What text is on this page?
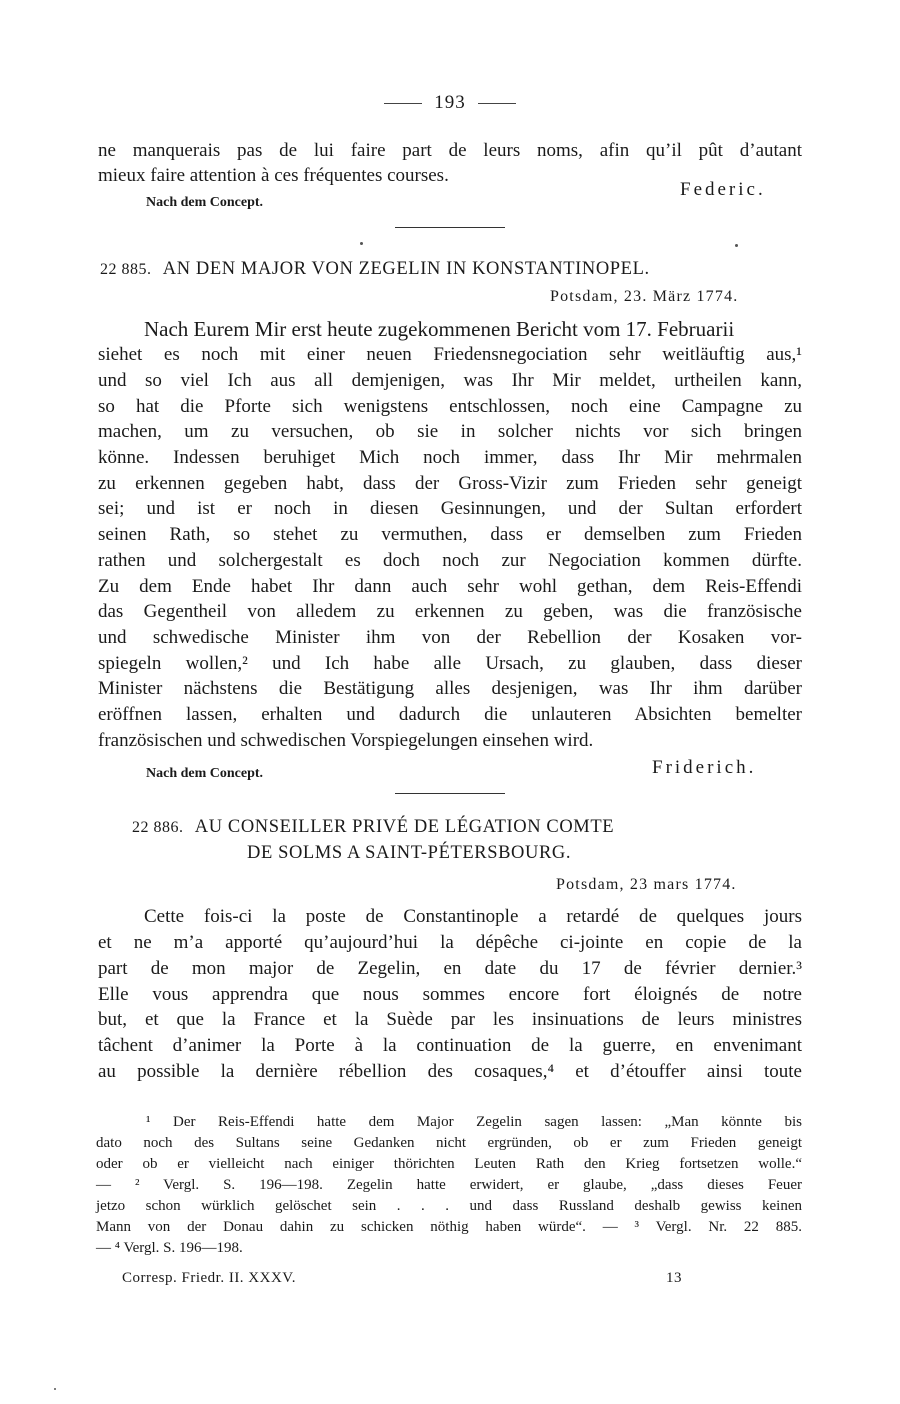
193
ne manquerais pas de lui faire part de leurs noms, afin qu’il pût d’autant
mieux faire attention à ces fréquentes courses.
Federic.
Nach dem Concept.
22 885. AN DEN MAJOR VON ZEGELIN IN KONSTANTINOPEL.
Potsdam, 23. März 1774.
Nach Eurem Mir erst heute zugekommenen Bericht vom 17. Februarii
siehet es noch mit einer neuen Friedensnegociation sehr weitläuftig aus,¹
und so viel Ich aus all demjenigen, was Ihr Mir meldet, urtheilen kann,
so hat die Pforte sich wenigstens entschlossen, noch eine Campagne zu
machen, um zu versuchen, ob sie in solcher nichts vor sich bringen
könne. Indessen beruhiget Mich noch immer, dass Ihr Mir mehrmalen
zu erkennen gegeben habt, dass der Gross-Vizir zum Frieden sehr geneigt
sei; und ist er noch in diesen Gesinnungen, und der Sultan erfordert
seinen Rath, so stehet zu vermuthen, dass er demselben zum Frieden
rathen und solchergestalt es doch noch zur Negociation kommen dürfte.
Zu dem Ende habet Ihr dann auch sehr wohl gethan, dem Reis-Effendi
das Gegentheil von alledem zu erkennen zu geben, was die französische
und schwedische Minister ihm von der Rebellion der Kosaken vor-
spiegeln wollen,² und Ich habe alle Ursach, zu glauben, dass dieser
Minister nächstens die Bestätigung alles desjenigen, was Ihr ihm darüber
eröffnen lassen, erhalten und dadurch die unlauteren Absichten bemelter
französischen und schwedischen Vorspiegelungen einsehen wird.
Nach dem Concept.	Friderich.
22 886. AU CONSEILLER PRIVÉ DE LÉGATION COMTE
DE SOLMS A SAINT-PÉTERSBOURG.
Potsdam, 23 mars 1774.
Cette fois-ci la poste de Constantinople a retardé de quelques jours
et ne m’a apporté qu’aujourd’hui la dépêche ci-jointe en copie de la
part de mon major de Zegelin, en date du 17 de février dernier.³
Elle vous apprendra que nous sommes encore fort éloignés de notre
but, et que la France et la Suède par les insinuations de leurs ministres
tâchent d’animer la Porte à la continuation de la guerre, en envenimant
au possible la dernière rébellion des cosaques,⁴ et d’étouffer ainsi toute
¹ Der Reis-Effendi hatte dem Major Zegelin sagen lassen: „Man könnte bis
dato noch des Sultans seine Gedanken nicht ergründen, ob er zum Frieden geneigt
oder ob er vielleicht nach einiger thörichten Leuten Rath den Krieg fortsetzen wolle.“
— ² Vergl. S. 196—198. Zegelin hatte erwidert, er glaube, „dass dieses Feuer
jetzo schon würklich gelöschet sein . . . und dass Russland deshalb gewiss keinen
Mann von der Donau dahin zu schicken nöthig haben würde“. — ³ Vergl. Nr. 22 885.
— ⁴ Vergl. S. 196—198.
Corresp. Friedr. II. XXXV.	13
